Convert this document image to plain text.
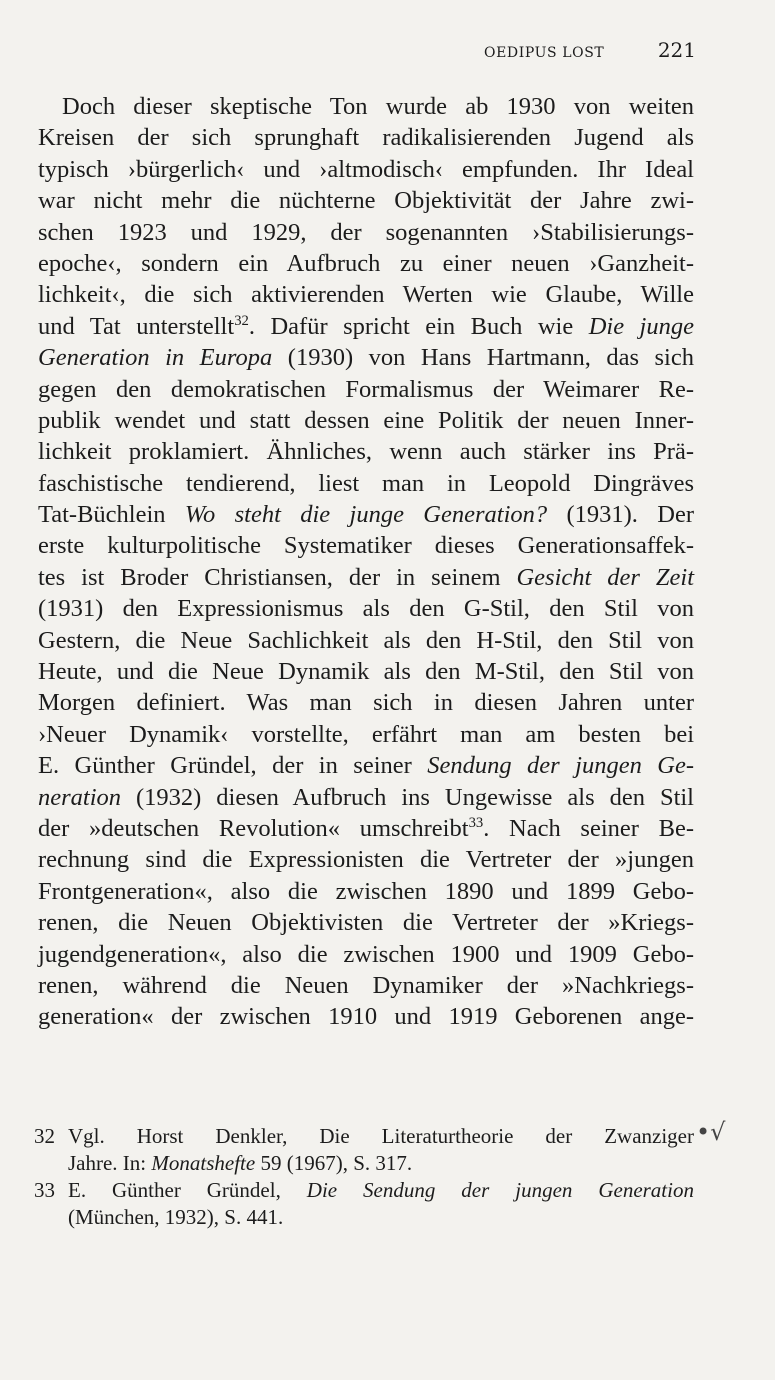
OEDIPUS LOST	221
Doch dieser skeptische Ton wurde ab 1930 von weiten
Kreisen der sich sprunghaft radikalisierenden Jugend als
typisch ›bürgerlich‹ und ›altmodisch‹ empfunden. Ihr Ideal
war nicht mehr die nüchterne Objektivität der Jahre zwi-
schen 1923 und 1929, der sogenannten ›Stabilisierungs-
epoche‹, sondern ein Aufbruch zu einer neuen ›Ganzheit-
lichkeit‹, die sich aktivierenden Werten wie Glaube, Wille
und Tat unterstellt$^{32}$. Dafür spricht ein Buch wie Die junge
Generation in Europa (1930) von Hans Hartmann, das sich
gegen den demokratischen Formalismus der Weimarer Re-
publik wendet und statt dessen eine Politik der neuen Inner-
lichkeit proklamiert. Ähnliches, wenn auch stärker ins Prä-
faschistische tendierend, liest man in Leopold Dingräves
Tat-Büchlein Wo steht die junge Generation? (1931). Der
erste kulturpolitische Systematiker dieses Generationsaffek-
tes ist Broder Christiansen, der in seinem Gesicht der Zeit
(1931) den Expressionismus als den G-Stil, den Stil von
Gestern, die Neue Sachlichkeit als den H-Stil, den Stil von
Heute, und die Neue Dynamik als den M-Stil, den Stil von
Morgen definiert. Was man sich in diesen Jahren unter
›Neuer Dynamik‹ vorstellte, erfährt man am besten bei
E. Günther Gründel, der in seiner Sendung der jungen Ge-
neration (1932) diesen Aufbruch ins Ungewisse als den Stil
der »deutschen Revolution« umschreibt$^{33}$. Nach seiner Be-
rechnung sind die Expressionisten die Vertreter der »jungen
Frontgeneration«, also die zwischen 1890 und 1899 Gebo-
renen, die Neuen Objektivisten die Vertreter der »Kriegs-
jugendgeneration«, also die zwischen 1900 und 1909 Gebo-
renen, während die Neuen Dynamiker der »Nachkriegs-
generation« der zwischen 1910 und 1919 Geborenen ange-
32 Vgl. Horst Denkler, Die Literaturtheorie der Zwanziger
Jahre. In: Monatshefte 59 (1967), S. 317.
33 E. Günther Gründel, Die Sendung der jungen Generation
(München, 1932), S. 441.
•√
